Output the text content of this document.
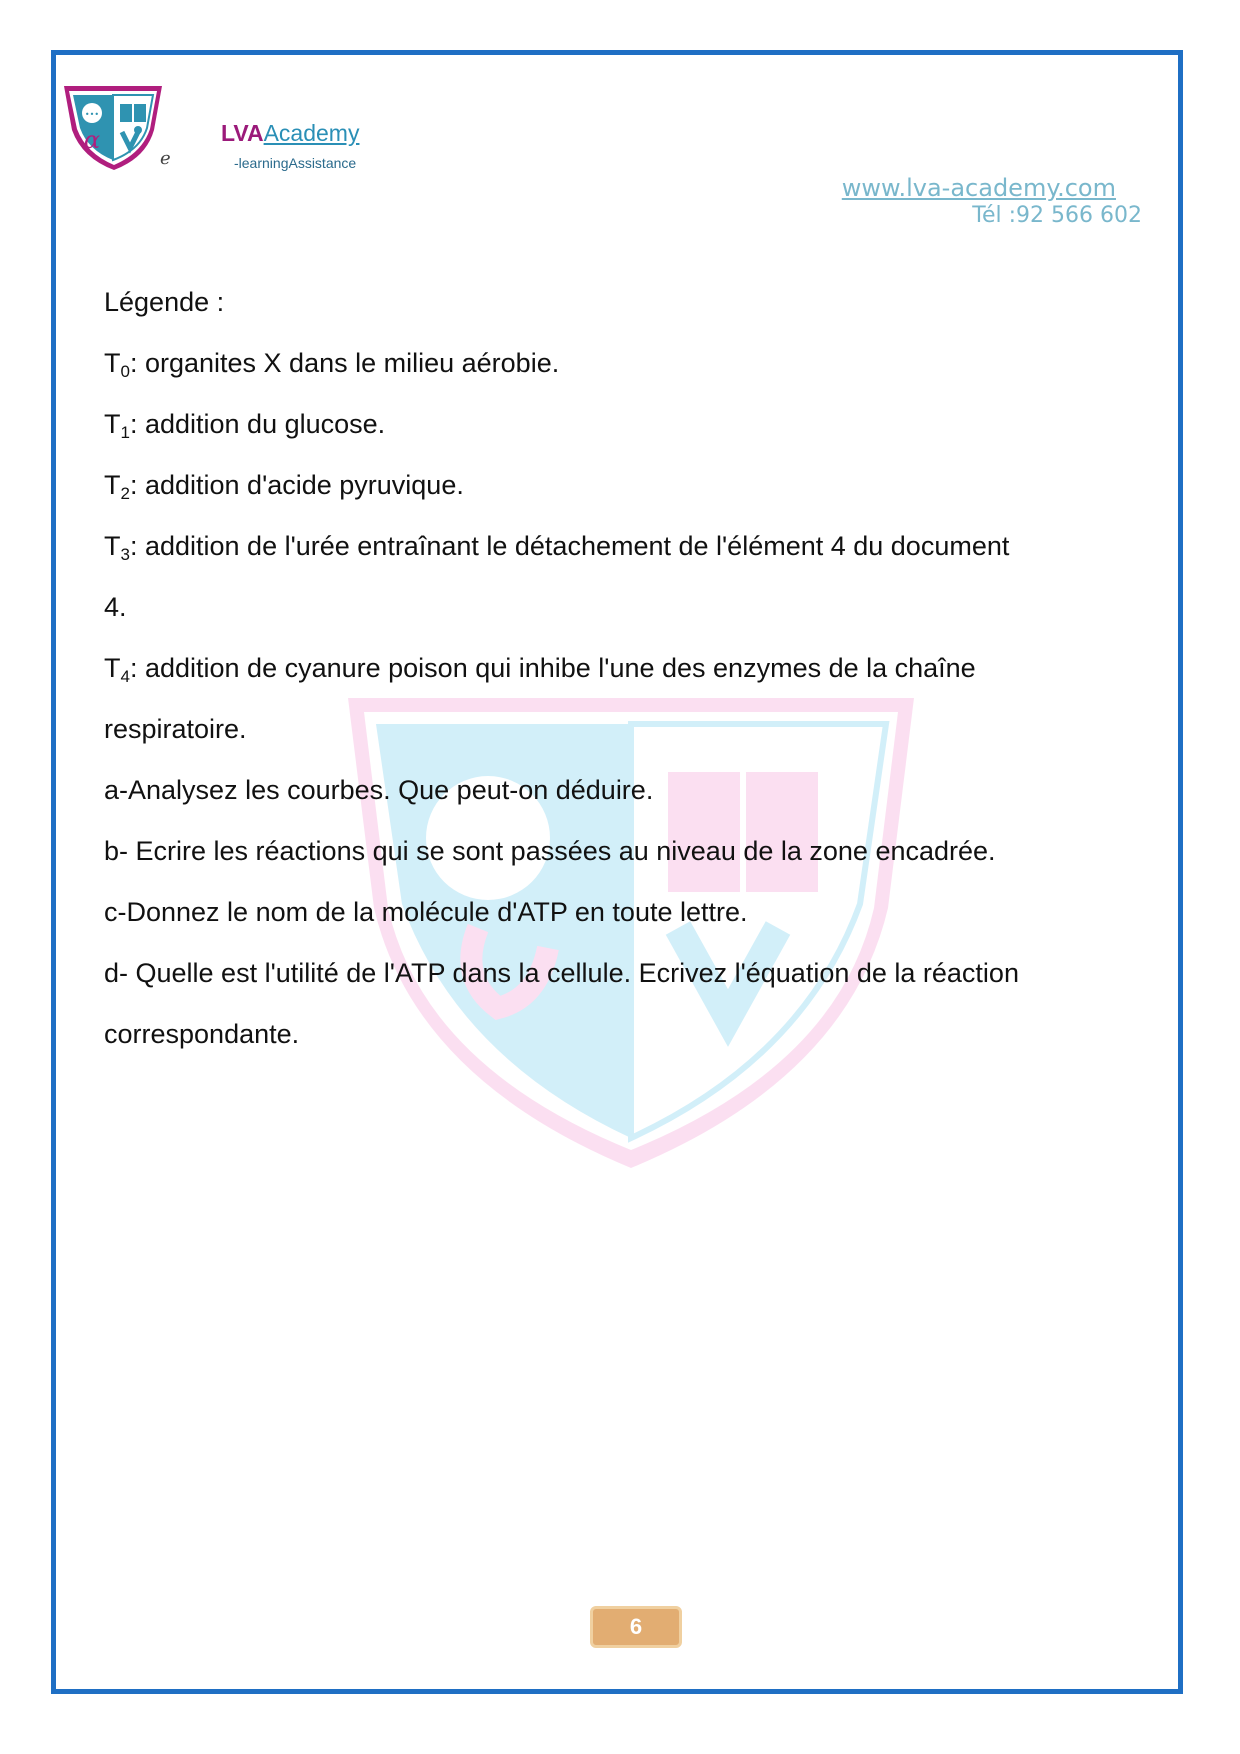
•••
α
e
LVAAcademy
-learningAssistance
www.lva-academy.com
Tél :92 566 602
Légende :
$T_0$: organites X dans le milieu aérobie.
$T_1$: addition du glucose.
$T_2$: addition d'acide pyruvique.
$T_3$: addition de l'urée entraînant le détachement de l'élément 4 du document
4.
$T_4$: addition de cyanure poison qui inhibe l'une des enzymes de la chaîne
respiratoire.
a-Analysez les courbes. Que peut-on déduire.
b- Ecrire les réactions qui se sont passées au niveau de la zone encadrée.
c-Donnez le nom de la molécule d'ATP en toute lettre.
d- Quelle est l'utilité de l'ATP dans la cellule. Ecrivez l'équation de la réaction
correspondante.
6
